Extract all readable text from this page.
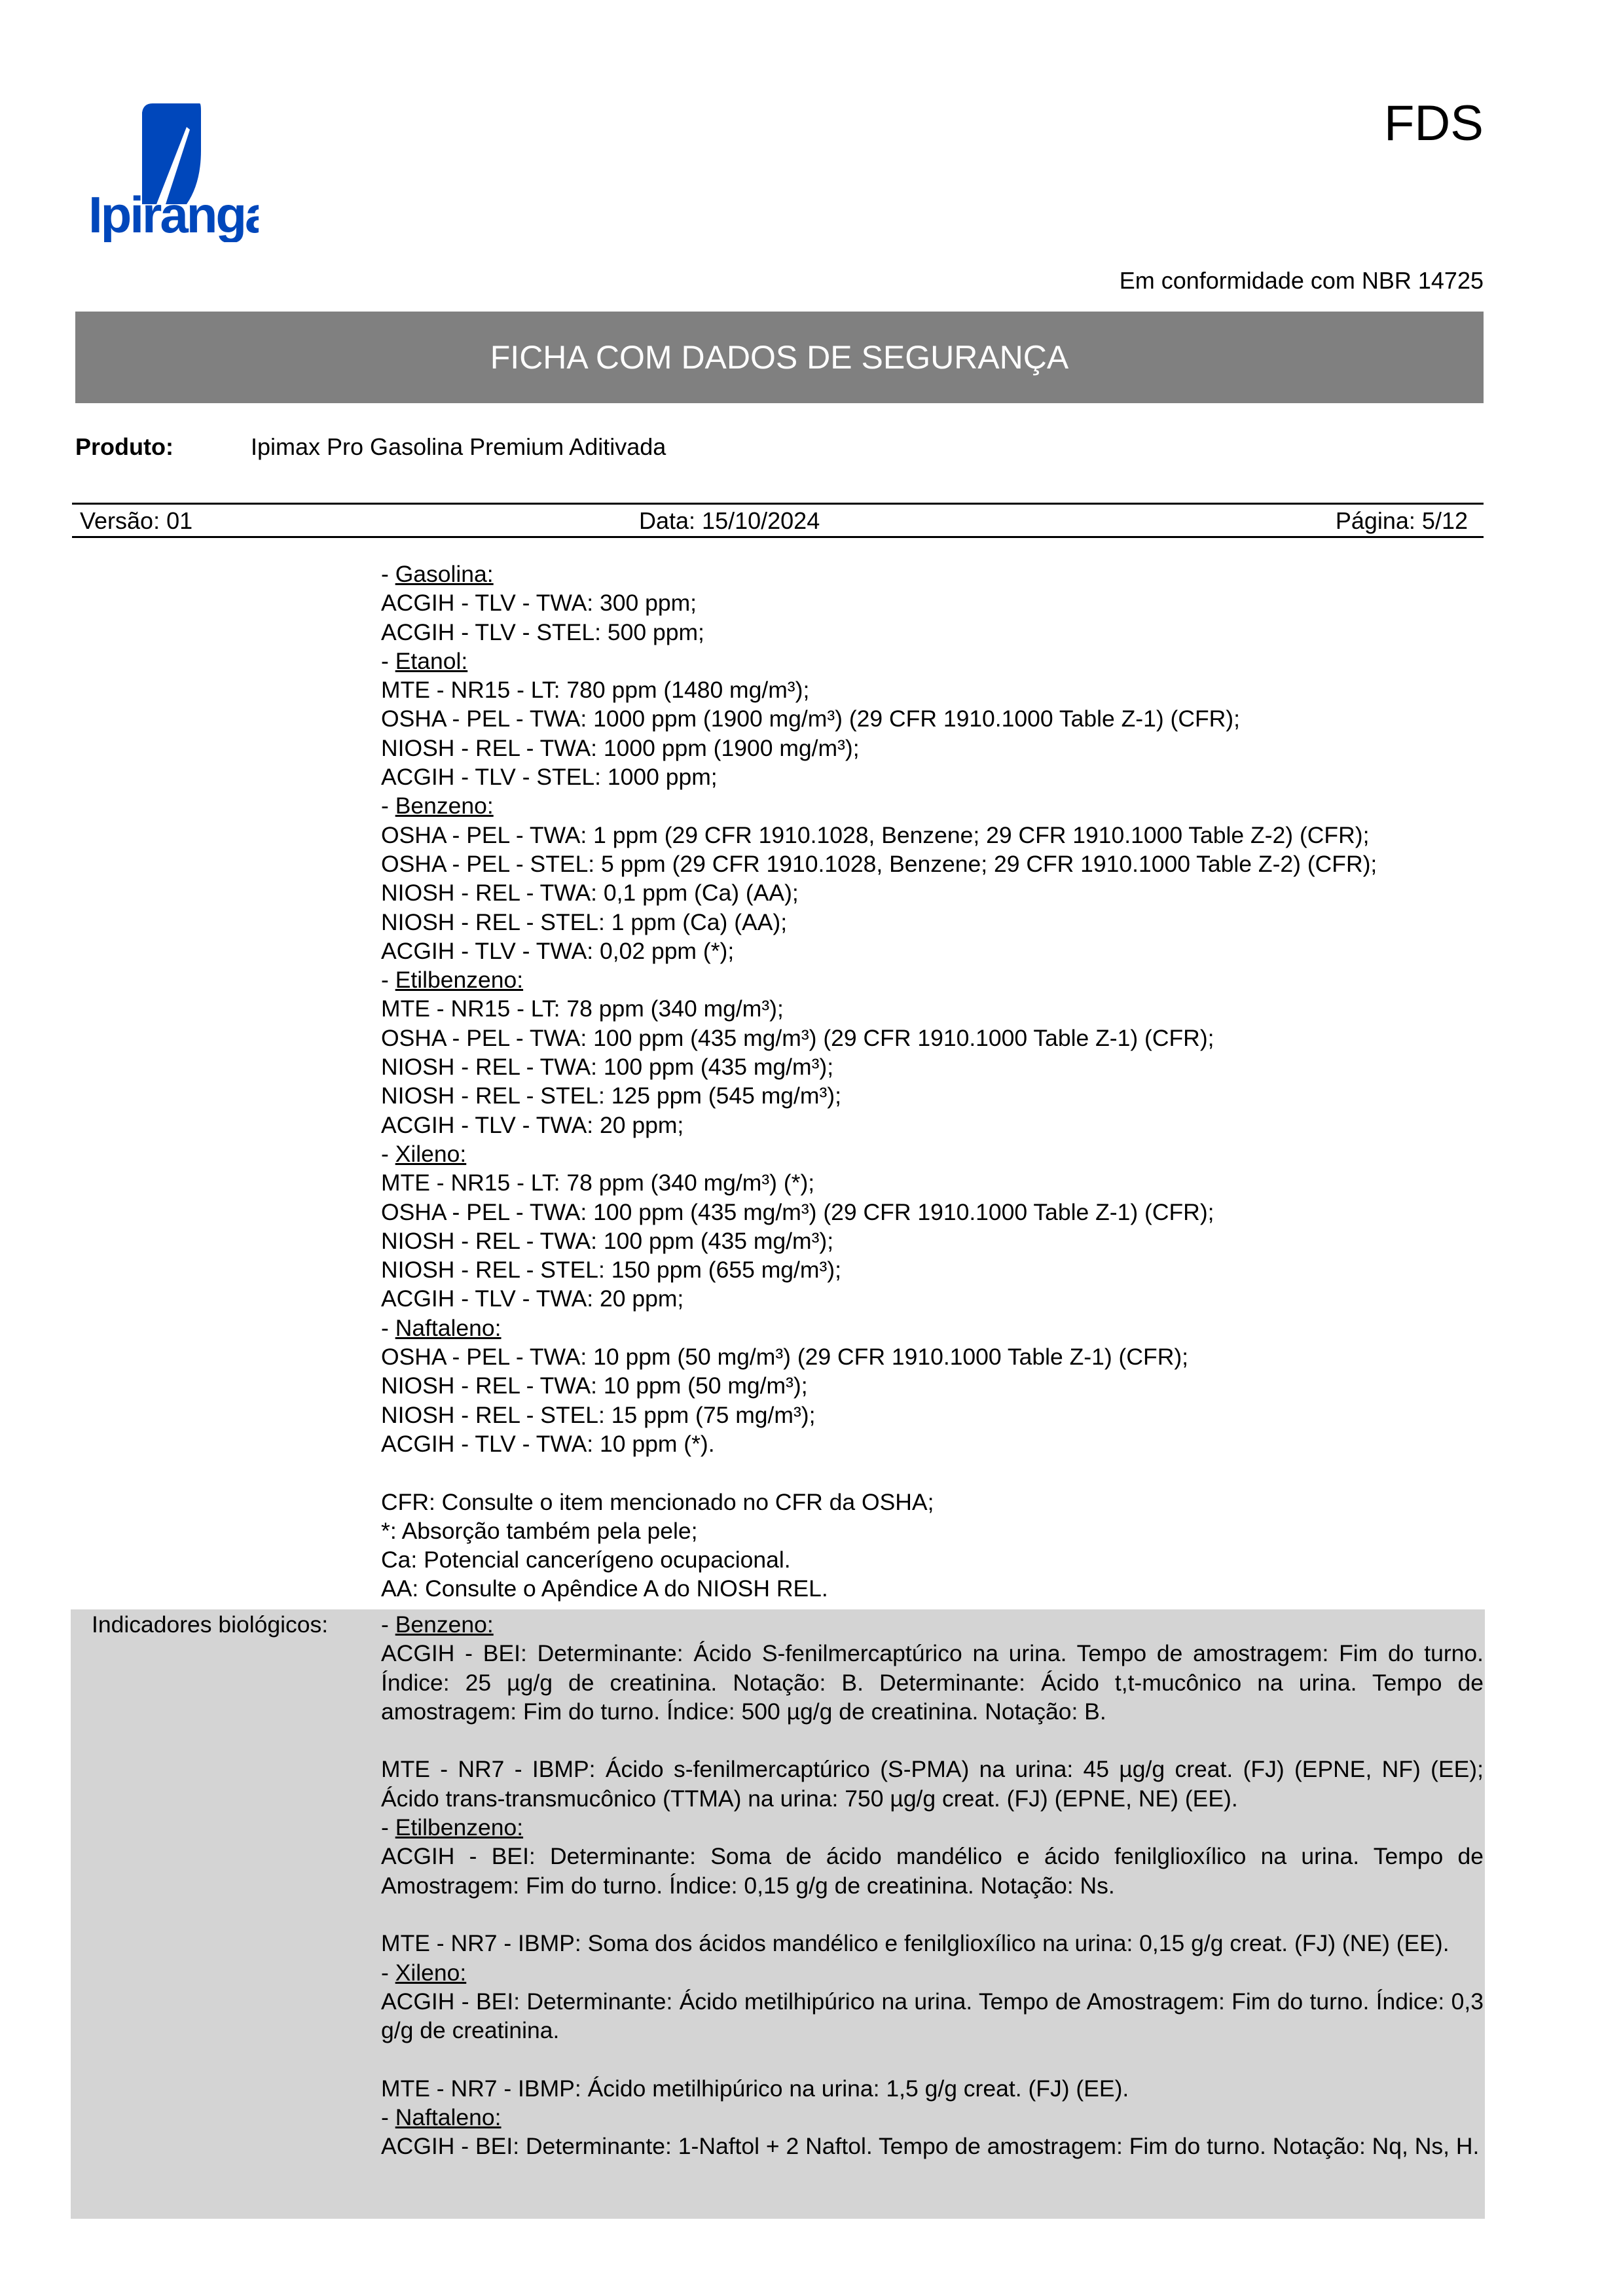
Ipiranga
FDS
Em conformidade com NBR 14725
FICHA COM DADOS DE SEGURANÇA
Produto:	Ipimax Pro Gasolina Premium Aditivada
Versão: 01	Data: 15/10/2024	Página: 5/12
- Gasolina:
ACGIH - TLV - TWA: 300 ppm;
ACGIH - TLV - STEL: 500 ppm;
- Etanol:
MTE - NR15 - LT: 780 ppm (1480 mg/m³);
OSHA - PEL - TWA: 1000 ppm (1900 mg/m³) (29 CFR 1910.1000 Table Z-1) (CFR);
NIOSH - REL - TWA: 1000 ppm (1900 mg/m³);
ACGIH - TLV - STEL: 1000 ppm;
- Benzeno:
OSHA - PEL - TWA: 1 ppm (29 CFR 1910.1028, Benzene; 29 CFR 1910.1000 Table Z-2) (CFR);
OSHA - PEL - STEL: 5 ppm (29 CFR 1910.1028, Benzene; 29 CFR 1910.1000 Table Z-2) (CFR);
NIOSH - REL - TWA: 0,1 ppm (Ca) (AA);
NIOSH - REL - STEL: 1 ppm (Ca) (AA);
ACGIH - TLV - TWA: 0,02 ppm (*);
- Etilbenzeno:
MTE - NR15 - LT: 78 ppm (340 mg/m³);
OSHA - PEL - TWA: 100 ppm (435 mg/m³) (29 CFR 1910.1000 Table Z-1) (CFR);
NIOSH - REL - TWA: 100 ppm (435 mg/m³);
NIOSH - REL - STEL: 125 ppm (545 mg/m³);
ACGIH - TLV - TWA: 20 ppm;
- Xileno:
MTE - NR15 - LT: 78 ppm (340 mg/m³) (*);
OSHA - PEL - TWA: 100 ppm (435 mg/m³) (29 CFR 1910.1000 Table Z-1) (CFR);
NIOSH - REL - TWA: 100 ppm (435 mg/m³);
NIOSH - REL - STEL: 150 ppm (655 mg/m³);
ACGIH - TLV - TWA: 20 ppm;
- Naftaleno:
OSHA - PEL - TWA: 10 ppm (50 mg/m³) (29 CFR 1910.1000 Table Z-1) (CFR);
NIOSH - REL - TWA: 10 ppm (50 mg/m³);
NIOSH - REL - STEL: 15 ppm (75 mg/m³);
ACGIH - TLV - TWA: 10 ppm (*).
CFR: Consulte o item mencionado no CFR da OSHA;
*: Absorção também pela pele;
Ca: Potencial cancerígeno ocupacional.
AA: Consulte o Apêndice A do NIOSH REL.
Indicadores biológicos: - Benzeno:

ACGIH - BEI: Determinante: Ácido S-fenilmercaptúrico na urina. Tempo de amostragem: Fim do turno. Índice: 25 µg/g de creatinina. Notação: B. Determinante: Ácido t,t-mucônico na urina. Tempo de amostragem: Fim do turno. Índice: 500 µg/g de creatinina. Notação: B.

MTE - NR7 - IBMP: Ácido s-fenilmercaptúrico (S-PMA) na urina: 45 µg/g creat. (FJ) (EPNE, NF) (EE); Ácido trans-transmucônico (TTMA) na urina: 750 µg/g creat. (FJ) (EPNE, NE) (EE).

- Etilbenzeno:

ACGIH - BEI: Determinante: Soma de ácido mandélico e ácido fenilglioxílico na urina. Tempo de Amostragem: Fim do turno. Índice: 0,15 g/g de creatinina. Notação: Ns.

MTE - NR7 - IBMP: Soma dos ácidos mandélico e fenilglioxílico na urina: 0,15 g/g creat. (FJ) (NE) (EE).

- Xileno:

ACGIH - BEI: Determinante: Ácido metilhipúrico na urina. Tempo de Amostragem: Fim do turno. Índice: 0,3 g/g de creatinina.

MTE - NR7 - IBMP: Ácido metilhipúrico na urina: 1,5 g/g creat. (FJ) (EE).

- Naftaleno:

ACGIH - BEI: Determinante: 1-Naftol + 2 Naftol. Tempo de amostragem: Fim do turno. Notação: Nq, Ns, H.
